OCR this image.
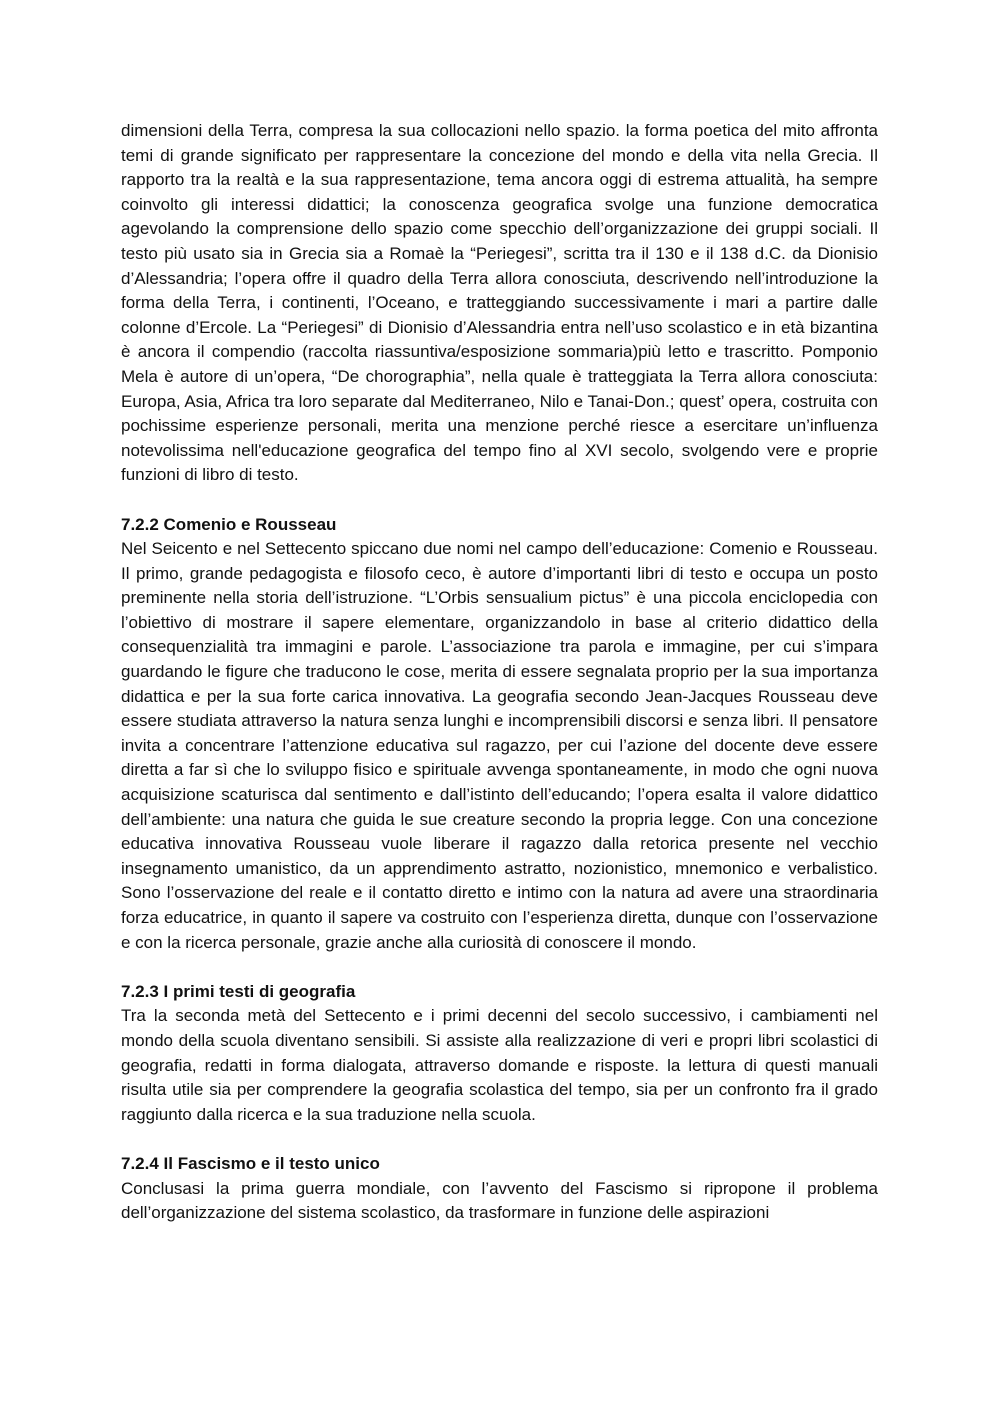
dimensioni della Terra, compresa la sua collocazioni nello spazio. la forma poetica del mito affronta temi di grande significato per rappresentare la concezione del mondo e della vita nella Grecia. Il rapporto tra la realtà e la sua rappresentazione, tema ancora oggi di estrema attualità, ha sempre coinvolto gli interessi didattici; la conoscenza geografica svolge una funzione democratica agevolando la comprensione dello spazio come specchio dell’organizzazione dei gruppi sociali. Il testo più usato sia in Grecia sia a Romaè la “Periegesi”, scritta tra il 130 e il 138 d.C. da Dionisio d’Alessandria; l’opera offre il quadro della Terra allora conosciuta, descrivendo nell’introduzione la forma della Terra, i continenti, l’Oceano, e tratteggiando successivamente i mari a partire dalle colonne d’Ercole. La “Periegesi” di Dionisio d’Alessandria entra nell’uso scolastico e in età bizantina è ancora il compendio (raccolta riassuntiva/esposizione sommaria)più letto e trascritto. Pomponio Mela è autore di un’opera, “De chorographia”, nella quale è tratteggiata la Terra allora conosciuta: Europa, Asia, Africa tra loro separate dal Mediterraneo, Nilo e Tanai-Don.; quest’ opera, costruita con pochissime esperienze personali, merita una menzione perché riesce a esercitare un’influenza notevolissima nell'educazione geografica del tempo fino al XVI secolo, svolgendo vere e proprie funzioni di libro di testo.

7.2.2 Comenio e Rousseau

Nel Seicento e nel Settecento spiccano due nomi nel campo dell’educazione: Comenio e Rousseau. Il primo, grande pedagogista e filosofo ceco, è autore d’importanti libri di testo e occupa un posto preminente nella storia dell’istruzione. “L’Orbis sensualium pictus” è una piccola enciclopedia con l’obiettivo di mostrare il sapere elementare, organizzandolo in base al criterio didattico della consequenzialità tra immagini e parole. L’associazione tra parola e immagine, per cui s’impara guardando le figure che traducono le cose, merita di essere segnalata proprio per la sua importanza didattica e per la sua forte carica innovativa. La geografia secondo Jean-Jacques Rousseau deve essere studiata attraverso la natura senza lunghi e incomprensibili discorsi e senza libri. Il pensatore invita a concentrare l’attenzione educativa sul ragazzo, per cui l’azione del docente deve essere diretta a far sì che lo sviluppo fisico e spirituale avvenga spontaneamente, in modo che ogni nuova acquisizione scaturisca dal sentimento e dall’istinto dell’educando; l’opera esalta il valore didattico dell’ambiente: una natura che guida le sue creature secondo la propria legge. Con una concezione educativa innovativa Rousseau vuole liberare il ragazzo dalla retorica presente nel vecchio insegnamento umanistico, da un apprendimento astratto, nozionistico, mnemonico e verbalistico. Sono l’osservazione del reale e il contatto diretto e intimo con la natura ad avere una straordinaria forza educatrice, in quanto il sapere va costruito con l’esperienza diretta, dunque con l’osservazione e con la ricerca personale, grazie anche alla curiosità di conoscere il mondo.

7.2.3 I primi testi di geografia

Tra la seconda metà del Settecento e i primi decenni del secolo successivo, i cambiamenti nel mondo della scuola diventano sensibili. Si assiste alla realizzazione di veri e propri libri scolastici di geografia, redatti in forma dialogata, attraverso domande e risposte. la lettura di questi manuali risulta utile sia per comprendere la geografia scolastica del tempo, sia per un confronto fra il grado raggiunto dalla ricerca e la sua traduzione nella scuola.

7.2.4 Il Fascismo e il testo unico

Conclusasi la prima guerra mondiale, con l’avvento del Fascismo si ripropone il problema dell’organizzazione del sistema scolastico, da trasformare in funzione delle aspirazioni
